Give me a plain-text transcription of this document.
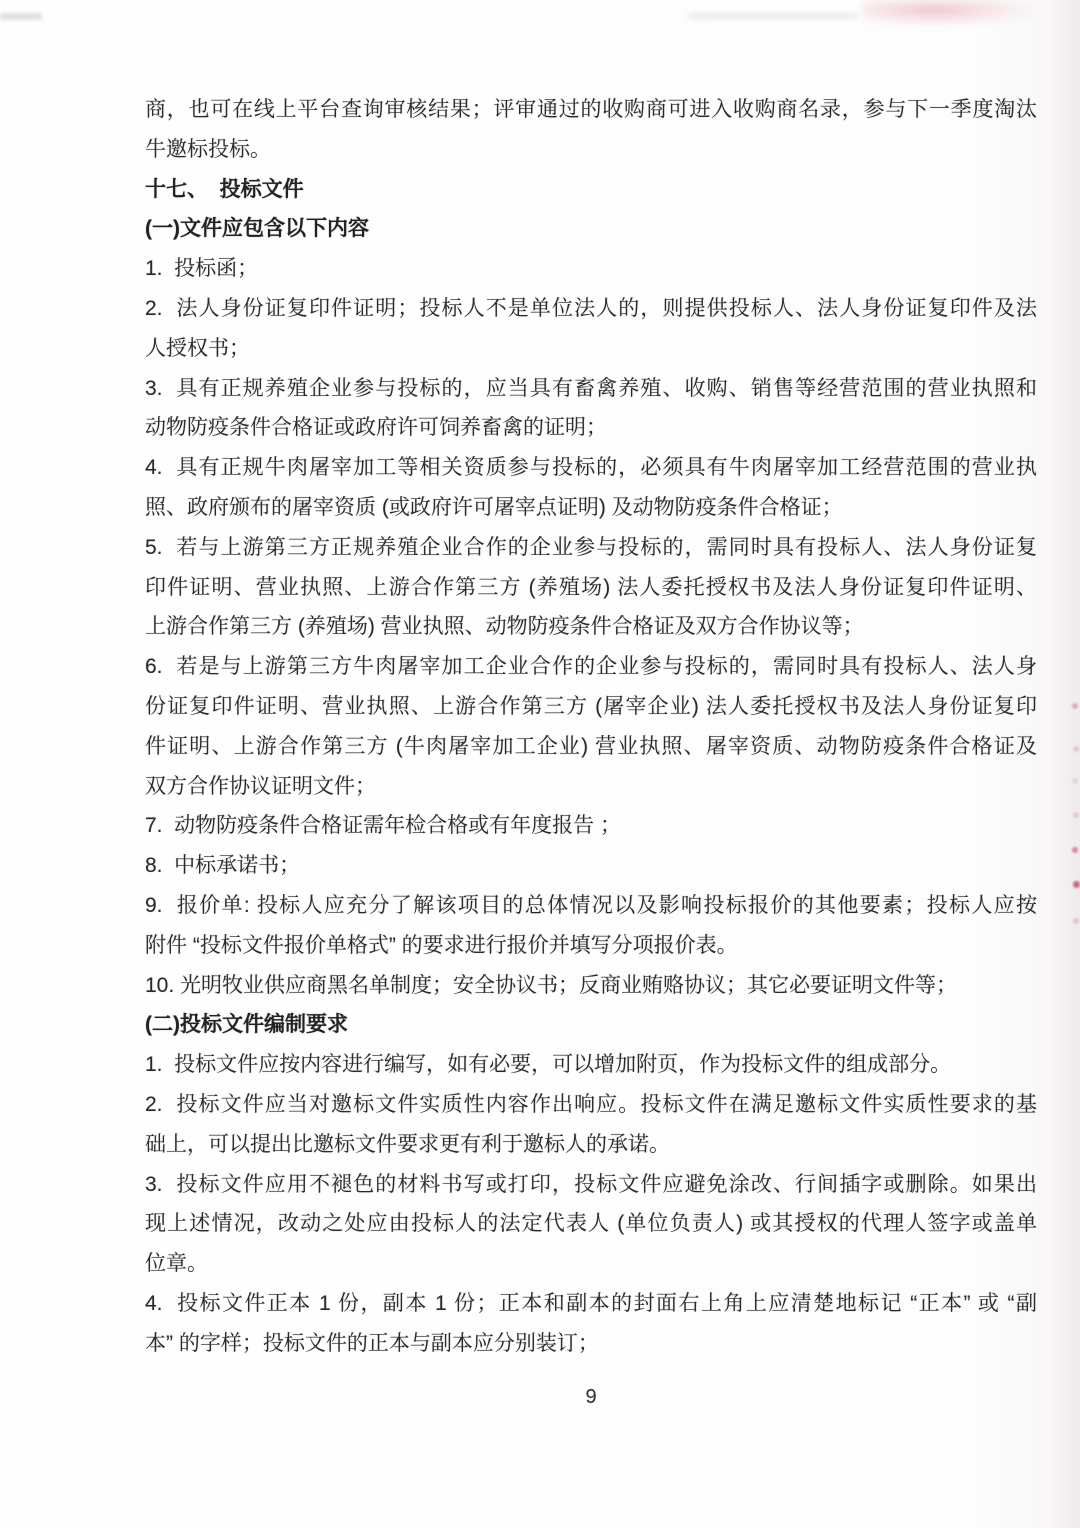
商，也可在线上平台查询审核结果；评审通过的收购商可进入收购商名录，参与下一季度淘汰
牛邀标投标。
十七、  投标文件
(一)文件应包含以下内容
1.  投标函；
2.  法人身份证复印件证明；投标人不是单位法人的，则提供投标人、法人身份证复印件及法
人授权书；
3.  具有正规养殖企业参与投标的，应当具有畜禽养殖、收购、销售等经营范围的营业执照和
动物防疫条件合格证或政府许可饲养畜禽的证明；
4.  具有正规牛肉屠宰加工等相关资质参与投标的，必须具有牛肉屠宰加工经营范围的营业执
照、政府颁布的屠宰资质 (或政府许可屠宰点证明) 及动物防疫条件合格证；
5.  若与上游第三方正规养殖企业合作的企业参与投标的，需同时具有投标人、法人身份证复
印件证明、营业执照、上游合作第三方 (养殖场) 法人委托授权书及法人身份证复印件证明、
上游合作第三方 (养殖场) 营业执照、动物防疫条件合格证及双方合作协议等；
6.  若是与上游第三方牛肉屠宰加工企业合作的企业参与投标的，需同时具有投标人、法人身
份证复印件证明、营业执照、上游合作第三方 (屠宰企业) 法人委托授权书及法人身份证复印
件证明、上游合作第三方 (牛肉屠宰加工企业) 营业执照、屠宰资质、动物防疫条件合格证及
双方合作协议证明文件；
7.  动物防疫条件合格证需年检合格或有年度报告 ；
8.  中标承诺书；
9.  报价单: 投标人应充分了解该项目的总体情况以及影响投标报价的其他要素；投标人应按
附件 “投标文件报价单格式” 的要求进行报价并填写分项报价表。
10. 光明牧业供应商黑名单制度；安全协议书；反商业贿赂协议；其它必要证明文件等；
(二)投标文件编制要求
1.  投标文件应按内容进行编写，如有必要，可以增加附页，作为投标文件的组成部分。
2.  投标文件应当对邀标文件实质性内容作出响应。投标文件在满足邀标文件实质性要求的基
础上，可以提出比邀标文件要求更有利于邀标人的承诺。
3.  投标文件应用不褪色的材料书写或打印，投标文件应避免涂改、行间插字或删除。如果出
现上述情况，改动之处应由投标人的法定代表人 (单位负责人) 或其授权的代理人签字或盖单
位章。
4.  投标文件正本 1 份，副本 1 份；正本和副本的封面右上角上应清楚地标记 “正本” 或 “副
本” 的字样；投标文件的正本与副本应分别装订；
9
